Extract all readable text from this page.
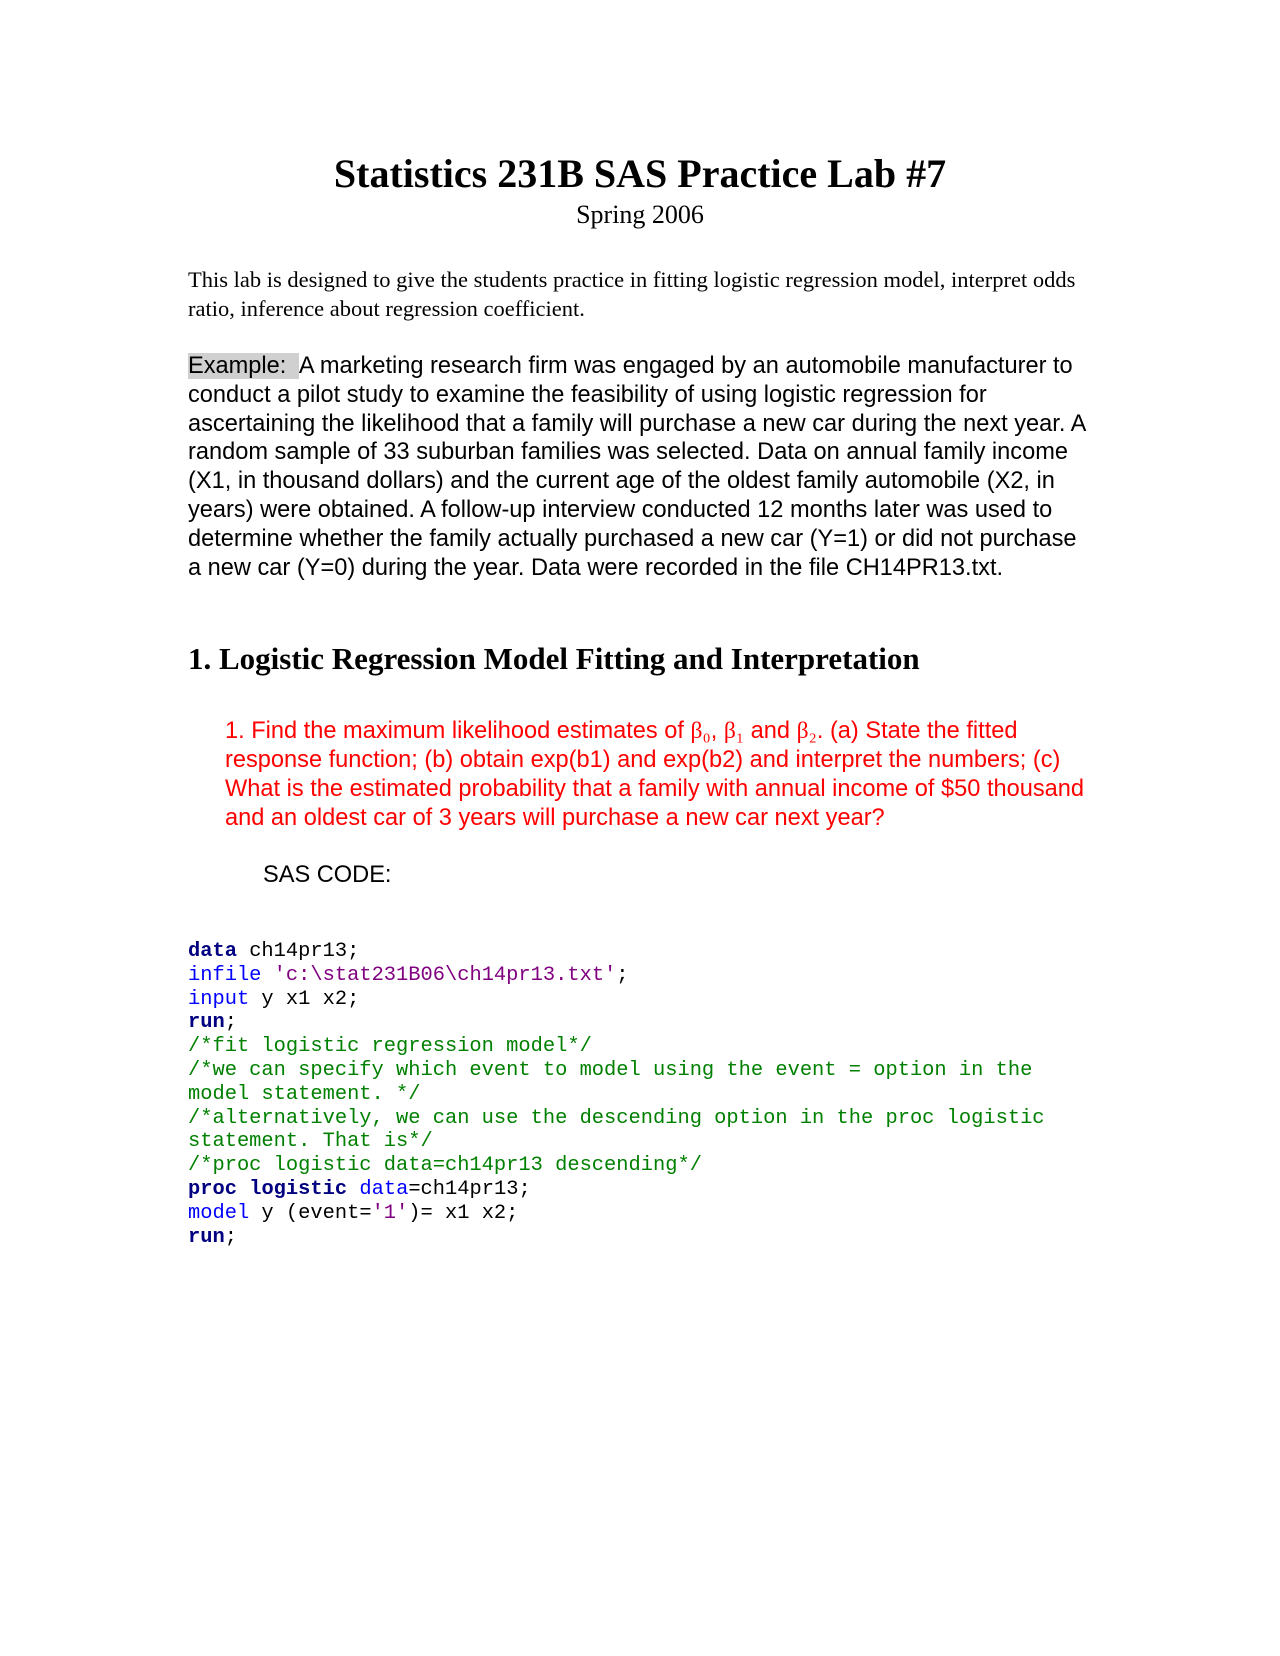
Statistics 231B SAS Practice Lab #7
Spring 2006

This lab is designed to give the students practice in fitting logistic regression model, interpret odds ratio, inference about regression coefficient.

Example: A marketing research firm was engaged by an automobile manufacturer to conduct a pilot study to examine the feasibility of using logistic regression for ascertaining the likelihood that a family will purchase a new car during the next year. A random sample of 33 suburban families was selected. Data on annual family income (X1, in thousand dollars) and the current age of the oldest family automobile (X2, in years) were obtained. A follow-up interview conducted 12 months later was used to determine whether the family actually purchased a new car (Y=1) or did not purchase a new car (Y=0) during the year. Data were recorded in the file CH14PR13.txt.

1. Logistic Regression Model Fitting and Interpretation

1. Find the maximum likelihood estimates of β₀, β₁ and β₂. (a) State the fitted response function; (b) obtain exp(b1) and exp(b2) and interpret the numbers; (c) What is the estimated probability that a family with annual income of $50 thousand and an oldest car of 3 years will purchase a new car next year?

SAS CODE:
data ch14pr13;
infile 'c:\stat231B06\ch14pr13.txt';
input y x1 x2;
run;
/*fit logistic regression model*/
/*we can specify which event to model using the event = option in the
model statement. */
/*alternatively, we can use the descending option in the proc logistic
statement. That is*/
/*proc logistic data=ch14pr13 descending*/
proc logistic data=ch14pr13;
model y (event='1')= x1 x2;
run;
